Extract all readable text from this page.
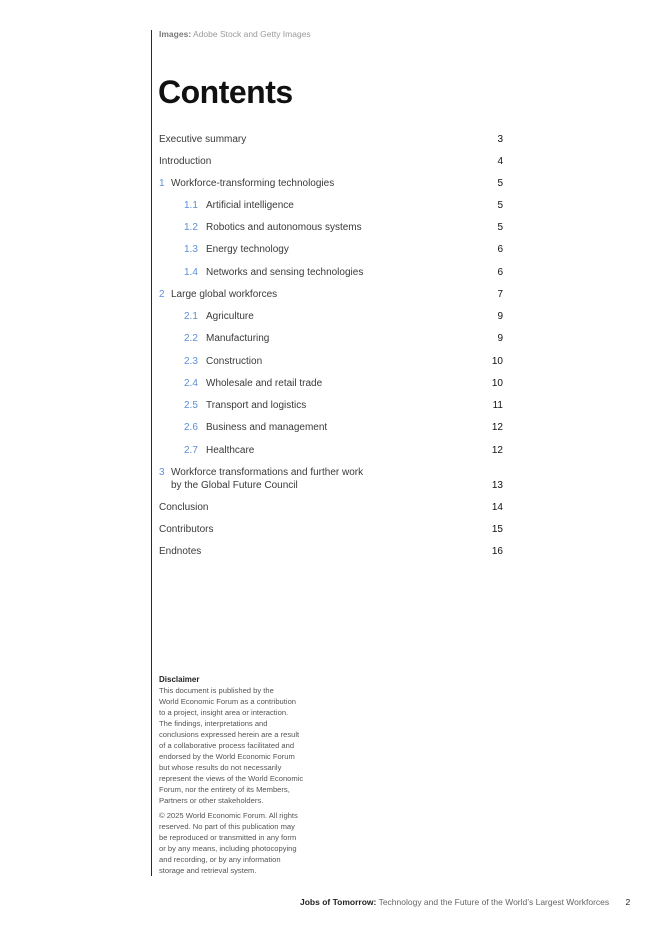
Images: Adobe Stock and Getty Images
Contents
Executive summary	3
Introduction	4
1 Workforce-transforming technologies	5
1.1 Artificial intelligence	5
1.2 Robotics and autonomous systems	5
1.3 Energy technology	6
1.4 Networks and sensing technologies	6
2 Large global workforces	7
2.1 Agriculture	9
2.2 Manufacturing	9
2.3 Construction	10
2.4 Wholesale and retail trade	10
2.5 Transport and logistics	11
2.6 Business and management	12
2.7 Healthcare	12
3 Workforce transformations and further work
by the Global Future Council	13
Conclusion	14
Contributors	15
Endnotes	16
Disclaimer

This document is published by the

World Economic Forum as a contribution

to a project, insight area or interaction.

The findings, interpretations and

conclusions expressed herein are a result

of a collaborative process facilitated and

endorsed by the World Economic Forum

but whose results do not necessarily

represent the views of the World Economic

Forum, nor the entirety of its Members,

Partners or other stakeholders.

© 2025 World Economic Forum. All rights

reserved. No part of this publication may

be reproduced or transmitted in any form

or by any means, including photocopying

and recording, or by any information

storage and retrieval system.

Jobs of Tomorrow: Technology and the Future of the World’s Largest Workforces 2
